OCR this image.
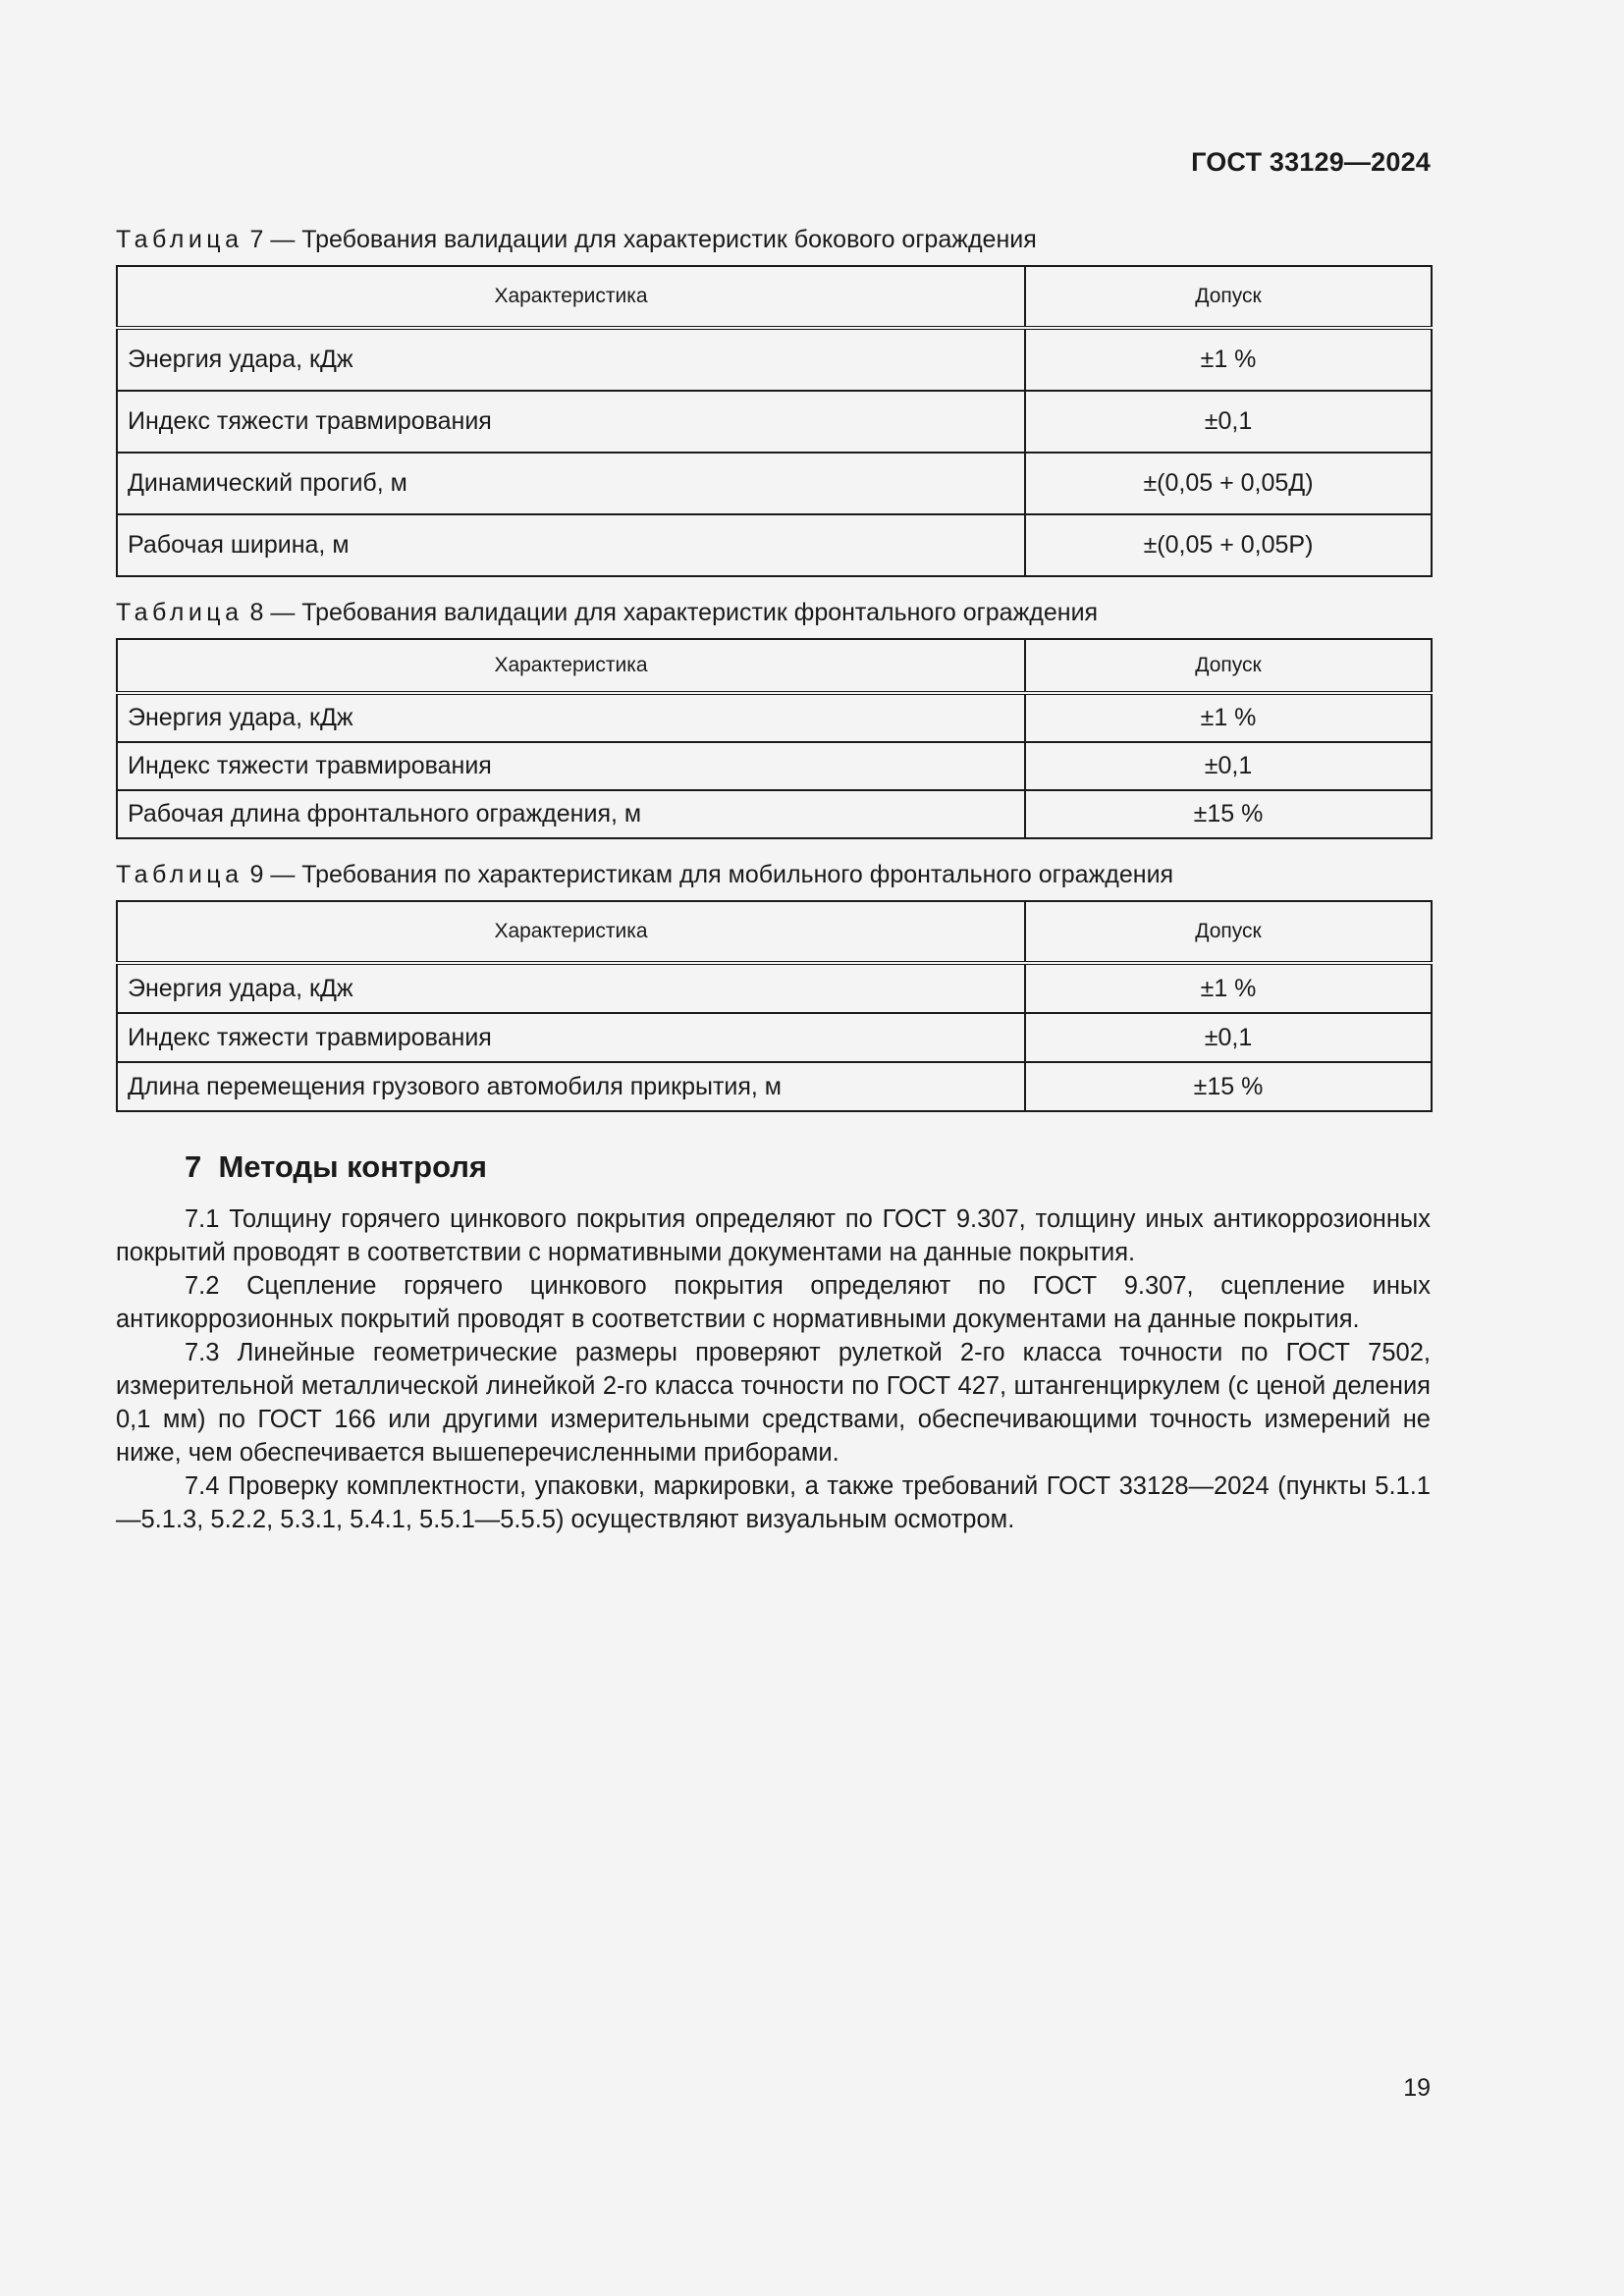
ГОСТ 33129—2024
Таблица 7 — Требования валидации для характеристик бокового ограждения
Характеристика	Допуск
Энергия удара, кДж	±1 %
Индекс тяжести травмирования	±0,1
Динамический прогиб, м	±(0,05 + 0,05Д)
Рабочая ширина, м	±(0,05 + 0,05Р)
Таблица 8 — Требования валидации для характеристик фронтального ограждения
Характеристика	Допуск
Энергия удара, кДж	±1 %
Индекс тяжести травмирования	±0,1
Рабочая длина фронтального ограждения, м	±15 %
Таблица 9 — Требования по характеристикам для мобильного фронтального ограждения
Характеристика	Допуск
Энергия удара, кДж	±1 %
Индекс тяжести травмирования	±0,1
Длина перемещения грузового автомобиля прикрытия, м	±15 %
7  Методы контроля

7.1 Толщину горячего цинкового покрытия определяют по ГОСТ 9.307, толщину иных антикоррозионных покрытий проводят в соответствии с нормативными документами на данные покрытия.

7.2 Сцепление горячего цинкового покрытия определяют по ГОСТ 9.307, сцепление иных антикоррозионных покрытий проводят в соответствии с нормативными документами на данные покрытия.

7.3 Линейные геометрические размеры проверяют рулеткой 2-го класса точности по ГОСТ 7502, измерительной металлической линейкой 2-го класса точности по ГОСТ 427, штангенциркулем (с ценой деления 0,1 мм) по ГОСТ 166 или другими измерительными средствами, обеспечивающими точность измерений не ниже, чем обеспечивается вышеперечисленными приборами.

7.4 Проверку комплектности, упаковки, маркировки, а также требований ГОСТ 33128—2024 (пункты 5.1.1—5.1.3, 5.2.2, 5.3.1, 5.4.1, 5.5.1—5.5.5) осуществляют визуальным осмотром.

19
